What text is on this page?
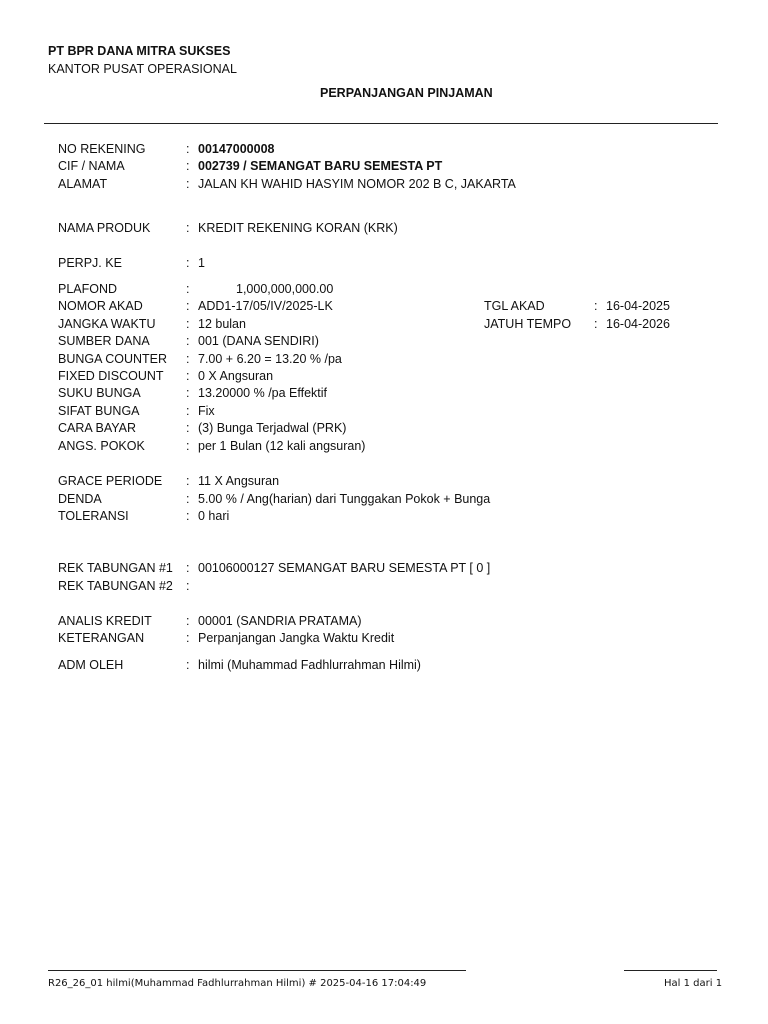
PT BPR DANA MITRA SUKSES
KANTOR PUSAT OPERASIONAL
PERPANJANGAN PINJAMAN
NO REKENING	: 00147000008
CIF / NAMA	: 002739 / SEMANGAT BARU SEMESTA PT
ALAMAT	: JALAN KH WAHID HASYIM NOMOR 202 B C, JAKARTA
NAMA PRODUK	: KREDIT REKENING KORAN (KRK)
PERPJ. KE	: 1
PLAFOND	:	1,000,000,000.00
NOMOR AKAD	: ADD1-17/05/IV/2025-LK
JANGKA WAKTU : 12 bulan
SUMBER DANA	: 001 (DANA SENDIRI)
BUNGA COUNTER : 7.00 + 6.20 = 13.20 % /pa
FIXED DISCOUNT : 0 X Angsuran
SUKU BUNGA	: 13.20000 % /pa Effektif
SIFAT BUNGA	: Fix
CARA BAYAR	: (3) Bunga Terjadwal (PRK)
ANGS. POKOK	: per 1 Bulan (12 kali angsuran)
GRACE PERIODE : 11 X Angsuran
DENDA	: 5.00 % / Ang(harian) dari Tunggakan Pokok + Bunga
TOLERANSI	: 0 hari
REK TABUNGAN #1 : 00106000127 SEMANGAT BARU SEMESTA PT [ 0 ]
REK TABUNGAN #2 :
ANALIS KREDIT	: 00001 (SANDRIA PRATAMA)
KETERANGAN	: Perpanjangan Jangka Waktu Kredit
ADM OLEH	: hilmi (Muhammad Fadhlurrahman Hilmi)
TGL AKAD	: 16-04-2025
JATUH TEMPO : 16-04-2026
R26_26_01 hilmi(Muhammad Fadhlurrahman Hilmi) # 2025-04-16 17:04:49	Hal 1 dari 1
